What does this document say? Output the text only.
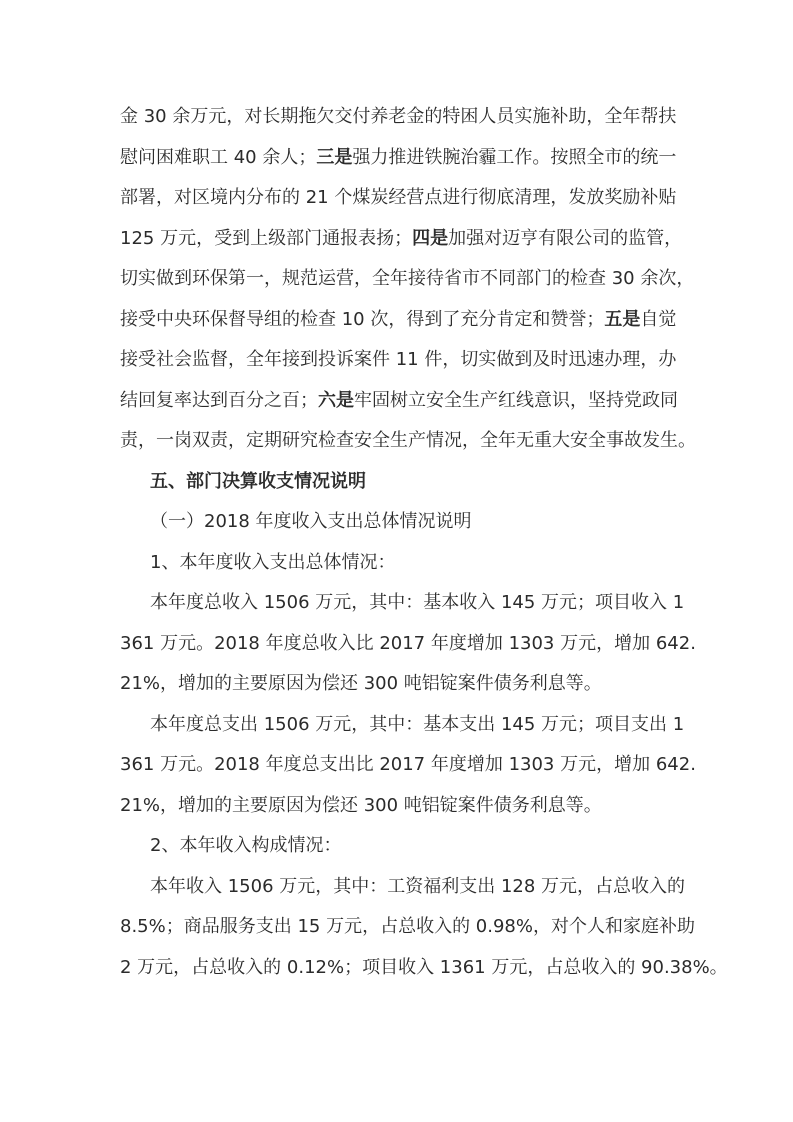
金 30 余万元，对长期拖欠交付养老金的特困人员实施补助，全年帮扶
慰问困难职工 40 余人；三是强力推进铁腕治霾工作。按照全市的统一
部署，对区境内分布的 21 个煤炭经营点进行彻底清理，发放奖励补贴
125 万元，受到上级部门通报表扬；四是加强对迈亨有限公司的监管，
切实做到环保第一，规范运营，全年接待省市不同部门的检查 30 余次，
接受中央环保督导组的检查 10 次，得到了充分肯定和赞誉；五是自觉
接受社会监督，全年接到投诉案件 11 件，切实做到及时迅速办理，办
结回复率达到百分之百；六是牢固树立安全生产红线意识，坚持党政同
责，一岗双责，定期研究检查安全生产情况，全年无重大安全事故发生。
五、部门决算收支情况说明
（一）2018 年度收入支出总体情况说明
1、本年度收入支出总体情况：
本年度总收入 1506 万元，其中：基本收入 145 万元；项目收入 1
361 万元。2018 年度总收入比 2017 年度增加 1303 万元，增加 642.
21%，增加的主要原因为偿还 300 吨铝锭案件债务利息等。
本年度总支出 1506 万元，其中：基本支出 145 万元；项目支出 1
361 万元。2018 年度总支出比 2017 年度增加 1303 万元，增加 642.
21%，增加的主要原因为偿还 300 吨铝锭案件债务利息等。
2、本年收入构成情况：
本年收入 1506 万元，其中：工资福利支出 128 万元，占总收入的
8.5%；商品服务支出 15 万元，占总收入的 0.98%，对个人和家庭补助
2 万元，占总收入的 0.12%；项目收入 1361 万元，占总收入的 90.38%。
